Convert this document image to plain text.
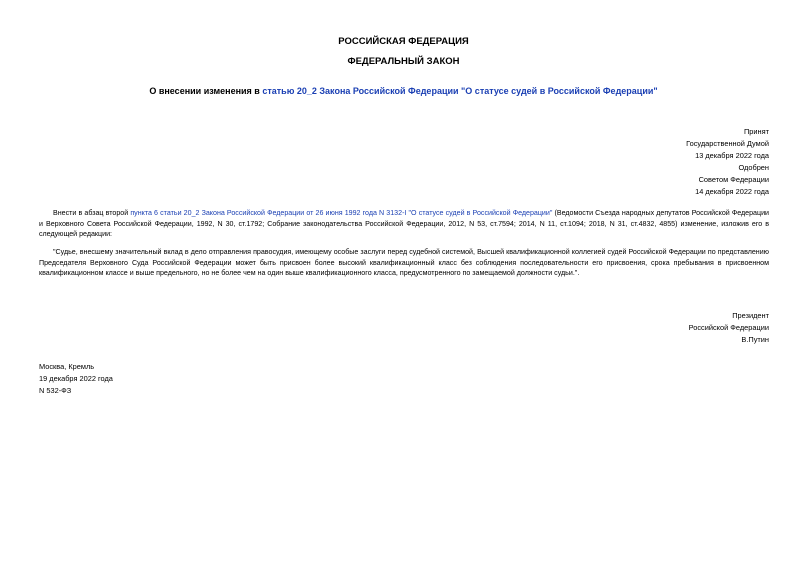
РОССИЙСКАЯ ФЕДЕРАЦИЯ
ФЕДЕРАЛЬНЫЙ ЗАКОН
О внесении изменения в статью 20_2 Закона Российской Федерации "О статусе судей в Российской Федерации"
Принят
Государственной Думой
13 декабря 2022 года
Одобрен
Советом Федерации
14 декабря 2022 года
Внести в абзац второй пункта 6 статьи 20_2 Закона Российской Федерации от 26 июня 1992 года N 3132-I "О статусе судей в Российской Федерации" (Ведомости Съезда народных депутатов Российской Федерации и Верховного Совета Российской Федерации, 1992, N 30, ст.1792; Собрание законодательства Российской Федерации, 2012, N 53, ст.7594; 2014, N 11, ст.1094; 2018, N 31, ст.4832, 4855) изменение, изложив его в следующей редакции:
"Судье, внесшему значительный вклад в дело отправления правосудия, имеющему особые заслуги перед судебной системой, Высшей квалификационной коллегией судей Российской Федерации по представлению Председателя Верховного Суда Российской Федерации может быть присвоен более высокий квалификационный класс без соблюдения последовательности его присвоения, срока пребывания в присвоенном квалификационном классе и выше предельного, но не более чем на один выше квалификационного класса, предусмотренного по замещаемой должности судьи.".
Президент
Российской Федерации
В.Путин
Москва, Кремль
19 декабря 2022 года
N 532-ФЗ
